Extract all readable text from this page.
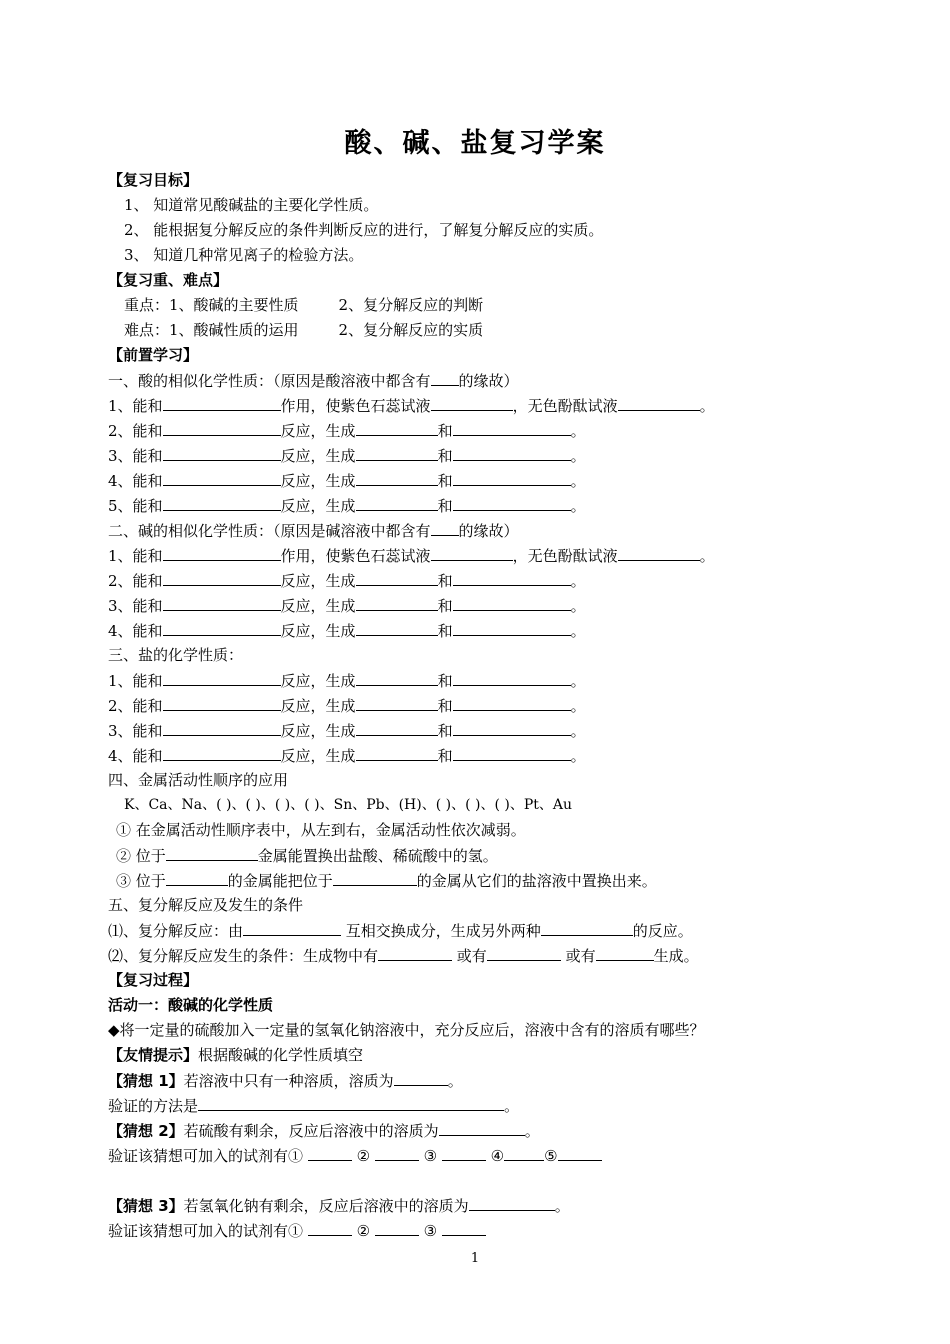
酸、碱、盐复习学案
【复习目标】
1、 知道常见酸碱盐的主要化学性质。
2、 能根据复分解反应的条件判断反应的进行，了解复分解反应的实质。
3、 知道几种常见离子的检验方法。
【复习重、难点】
重点：1、酸碱的主要性质	2、复分解反应的判断
难点：1、酸碱性质的运用	2、复分解反应的实质
【前置学习】
一、酸的相似化学性质：（原因是酸溶液中都含有 的缘故）
1、能和	作用，使紫色石蕊试液	，无色酚酞试液	。
2、能和	反应，生成	和	。
3、能和	反应，生成	和	。
4、能和	反应，生成	和	。
5、能和	反应，生成	和	。
二、碱的相似化学性质：（原因是碱溶液中都含有 的缘故）
1、能和	作用，使紫色石蕊试液	，无色酚酞试液	。
2、能和	反应，生成	和	。
3、能和	反应，生成	和	。
4、能和	反应，生成	和	。
三、盐的化学性质：
1、能和	反应，生成	和	。
2、能和	反应，生成	和	。
3、能和	反应，生成	和	。
4、能和	反应，生成	和	。
四、金属活动性顺序的应用
K、Ca、Na、( )、( )、( )、( )、Sn、Pb、(H)、( )、( )、( )、Pt、Au
① 在金属活动性顺序表中，从左到右，金属活动性依次减弱。
② 位于	金属能置换出盐酸、稀硫酸中的氢。
③ 位于	的金属能把位于	的金属从它们的盐溶液中置换出来。
五、复分解反应及发生的条件
⑴、复分解反应：由	互相交换成分，生成另外两种	的反应。
⑵、复分解反应发生的条件：生成物中有	或有	或有	生成。
【复习过程】
活动一：酸碱的化学性质
◆将一定量的硫酸加入一定量的氢氧化钠溶液中，充分反应后，溶液中含有的溶质有哪些？
【友情提示】根据酸碱的化学性质填空
【猜想 1】若溶液中只有一种溶质，溶质为	。
验证的方法是	。
【猜想 2】若硫酸有剩余，反应后溶液中的溶质为	。
验证该猜想可加入的试剂有①	②	③	④	⑤
【猜想 3】若氢氧化钠有剩余，反应后溶液中的溶质为	。
验证该猜想可加入的试剂有①	②	③
1
